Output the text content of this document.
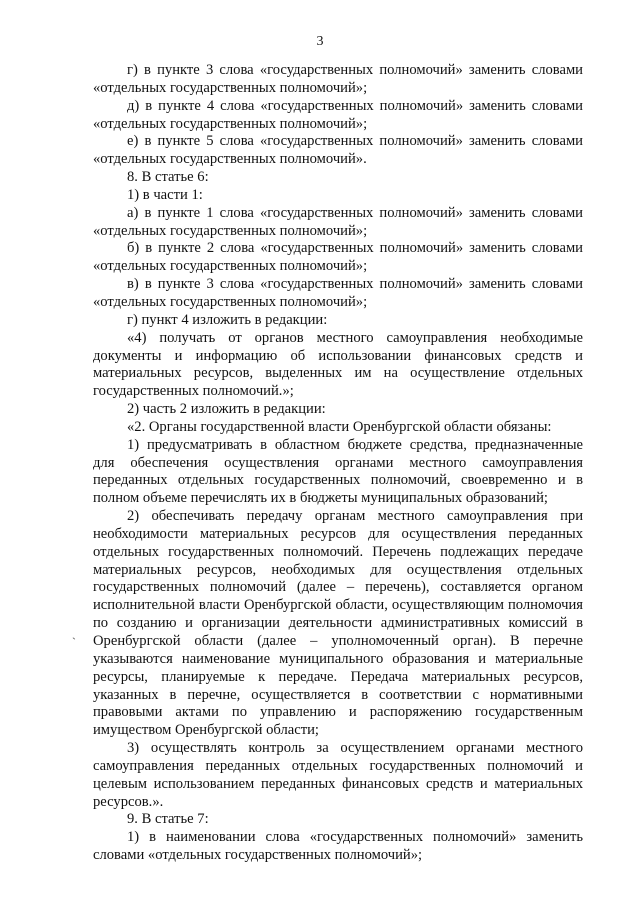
3

г) в пункте 3 слова «государственных полномочий» заменить словами «отдельных государственных полномочий»;

д) в пункте 4 слова «государственных полномочий» заменить словами «отдельных государственных полномочий»;

е) в пункте 5 слова «государственных полномочий» заменить словами «отдельных государственных полномочий».

8. В статье 6:

1) в части 1:

а) в пункте 1 слова «государственных полномочий» заменить словами «отдельных государственных полномочий»;

б) в пункте 2 слова «государственных полномочий» заменить словами «отдельных государственных полномочий»;

в) в пункте 3 слова «государственных полномочий» заменить словами «отдельных государственных полномочий»;

г) пункт 4 изложить в редакции:

«4) получать от органов местного самоуправления необходимые документы и информацию об использовании финансовых средств и материальных ресурсов, выделенных им на осуществление отдельных государственных полномочий.»;

2) часть 2 изложить в редакции:

«2. Органы государственной власти Оренбургской области обязаны:

1) предусматривать в областном бюджете средства, предназначенные для обеспечения осуществления органами местного самоуправления переданных отдельных государственных полномочий, своевременно и в полном объеме перечислять их в бюджеты муниципальных образований;

2) обеспечивать передачу органам местного самоуправления при необходимости материальных ресурсов для осуществления переданных отдельных государственных полномочий. Перечень подлежащих передаче материальных ресурсов, необходимых для осуществления отдельных государственных полномочий (далее – перечень), составляется органом исполнительной власти Оренбургской области, осуществляющим полномочия по созданию и организации деятельности административных комиссий в Оренбургской области (далее – уполномоченный орган). В перечне указываются наименование муниципального образования и материальные ресурсы, планируемые к передаче. Передача материальных ресурсов, указанных в перечне, осуществляется в соответствии с нормативными правовыми актами по управлению и распоряжению государственным имуществом Оренбургской области;

3) осуществлять контроль за осуществлением органами местного самоуправления переданных отдельных государственных полномочий и целевым использованием переданных финансовых средств и материальных ресурсов.».

9. В статье 7:

1) в наименовании слова «государственных полномочий» заменить словами «отдельных государственных полномочий»;

ˏ
